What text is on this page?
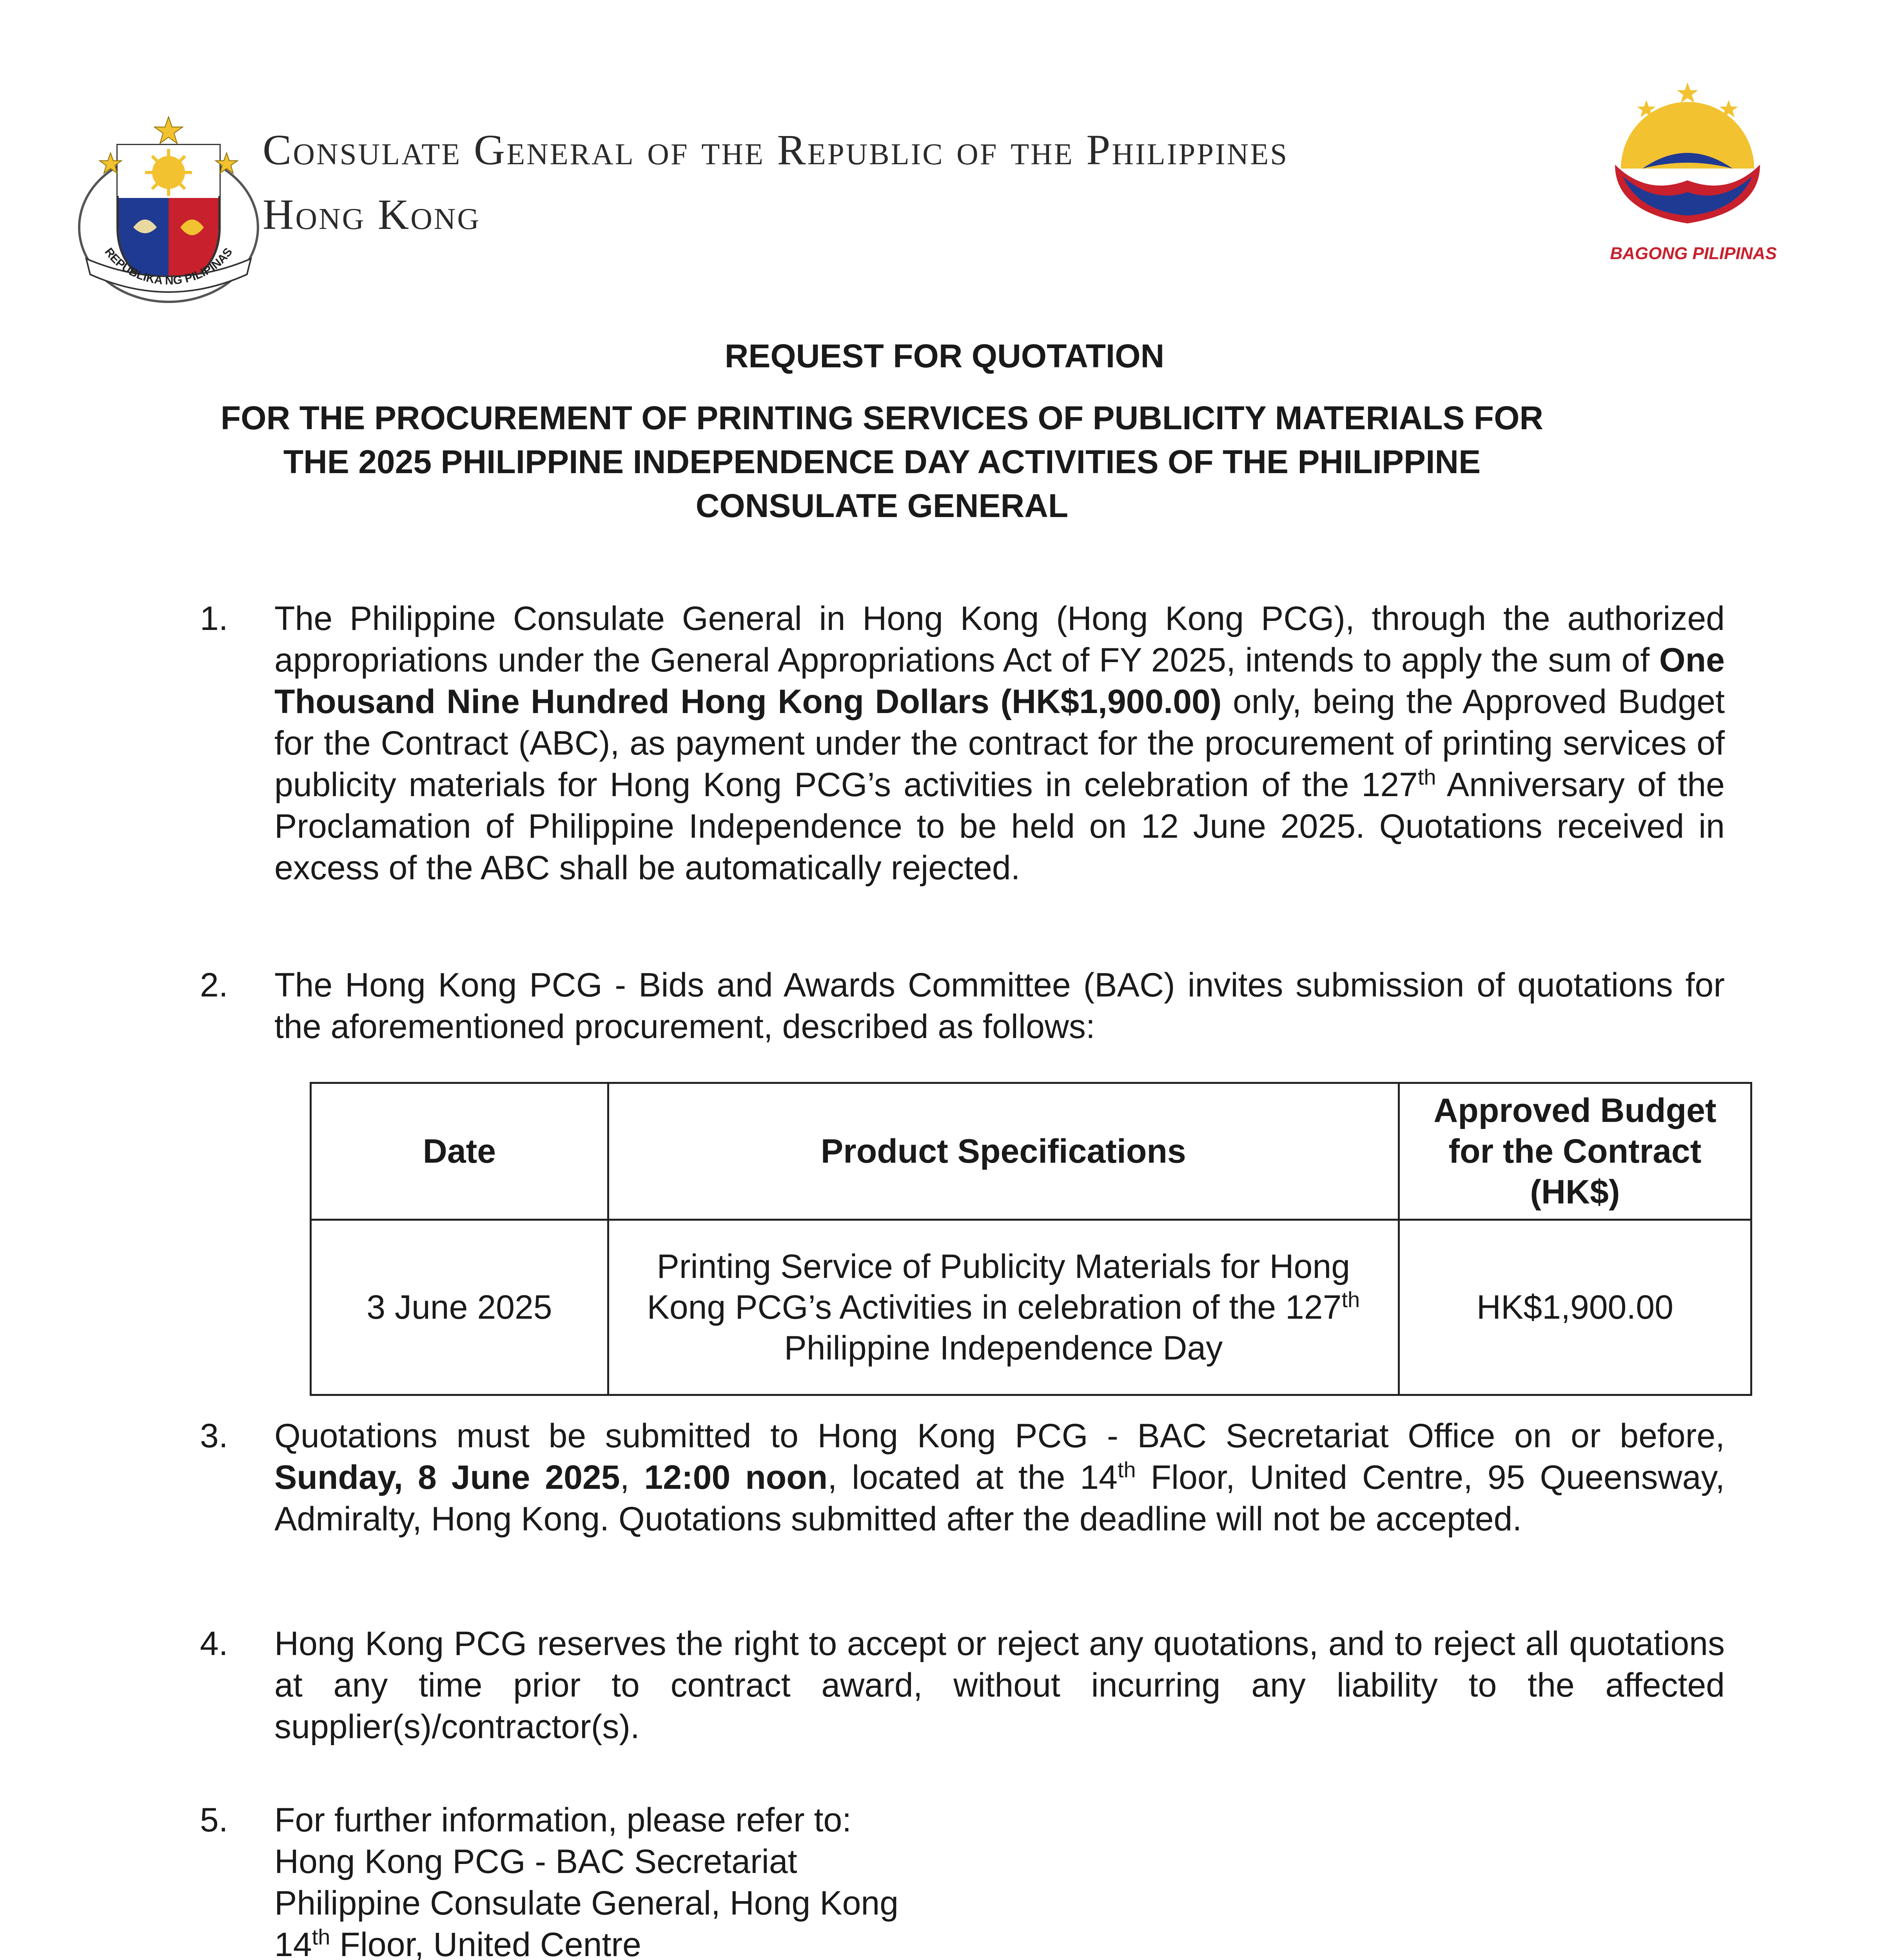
REPUBLIKA NG PILIPINAS
Consulate General of the Republic of the Philippines
Hong Kong
BAGONG PILIPINAS
REQUEST FOR QUOTATION
FOR THE PROCUREMENT OF PRINTING SERVICES OF PUBLICITY MATERIALS FOR THE 2025 PHILIPPINE INDEPENDENCE DAY ACTIVITIES OF THE PHILIPPINE CONSULATE GENERAL
1. The Philippine Consulate General in Hong Kong (Hong Kong PCG), through the authorized appropriations under the General Appropriations Act of FY 2025, intends to apply the sum of One Thousand Nine Hundred Hong Kong Dollars (HK$1,900.00) only, being the Approved Budget for the Contract (ABC), as payment under the contract for the procurement of printing services of publicity materials for Hong Kong PCG’s activities in celebration of the 127th Anniversary of the Proclamation of Philippine Independence to be held on 12 June 2025. Quotations received in excess of the ABC shall be automatically rejected.

2. The Hong Kong PCG - Bids and Awards Committee (BAC) invites submission of quotations for the aforementioned procurement, described as follows:

Date	Product Specifications	Approved Budget for the Contract (HK$)
3 June 2025	Printing Service of Publicity Materials for Hong Kong PCG’s Activities in celebration of the 127th Philippine Independence Day	HK$1,900.00
3. Quotations must be submitted to Hong Kong PCG - BAC Secretariat Office on or before, Sunday, 8 June 2025, 12:00 noon, located at the 14th Floor, United Centre, 95 Queensway, Admiralty, Hong Kong. Quotations submitted after the deadline will not be accepted.

4. Hong Kong PCG reserves the right to accept or reject any quotations, and to reject all quotations at any time prior to contract award, without incurring any liability to the affected supplier(s)/contractor(s).

5. For further information, please refer to:
Hong Kong PCG - BAC Secretariat
Philippine Consulate General, Hong Kong
14th Floor, United Centre
